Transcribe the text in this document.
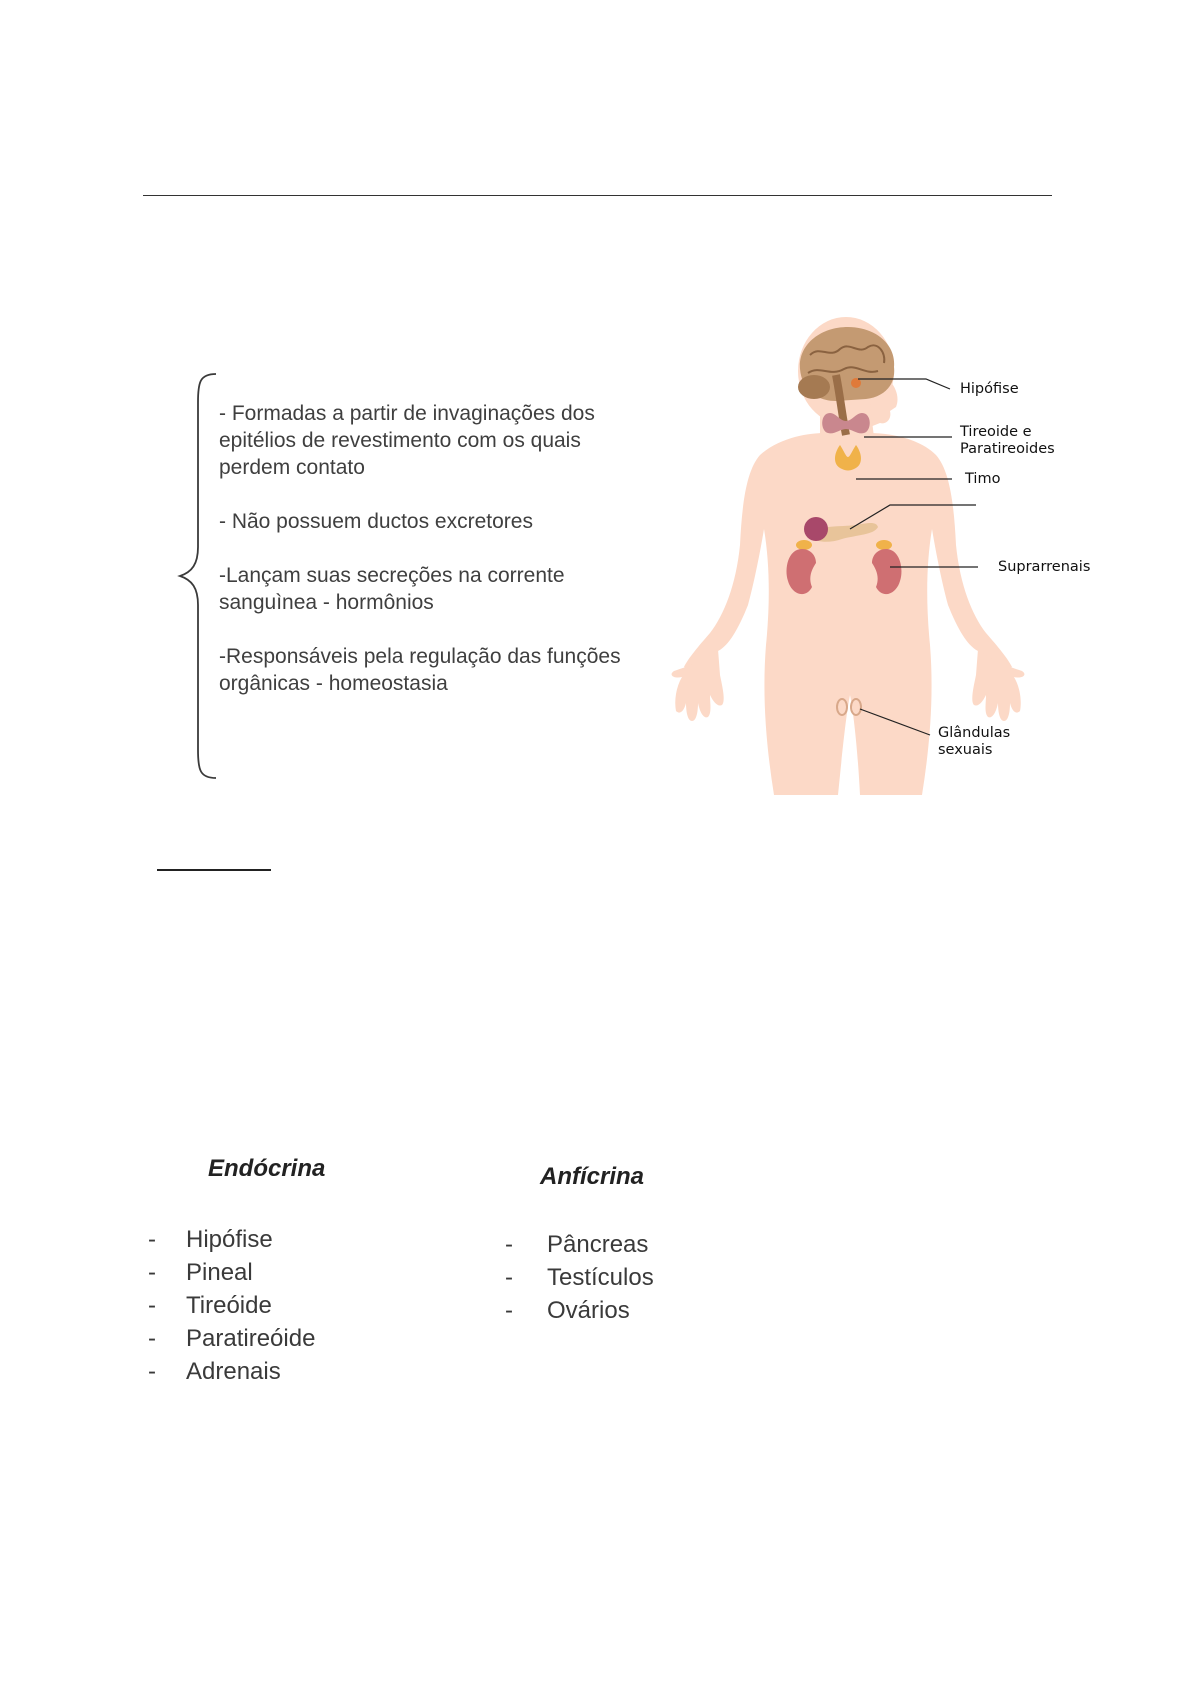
- Formadas a partir de invaginações dos epitélios de revestimento com os quais perdem contato

- Não possuem ductos excretores

-Lançam suas secreções na corrente sanguìnea - hormônios

-Responsáveis pela regulação das funções orgânicas - homeostasia

Hipófise
Tireoide e
Paratireoides
Timo
Suprarrenais
Glândulas
sexuais
Endócrina
- Hipófise
- Pineal
- Tireóide
- Paratireóide
- Adrenais
Anfícrina
- Pâncreas
- Testículos
- Ovários
